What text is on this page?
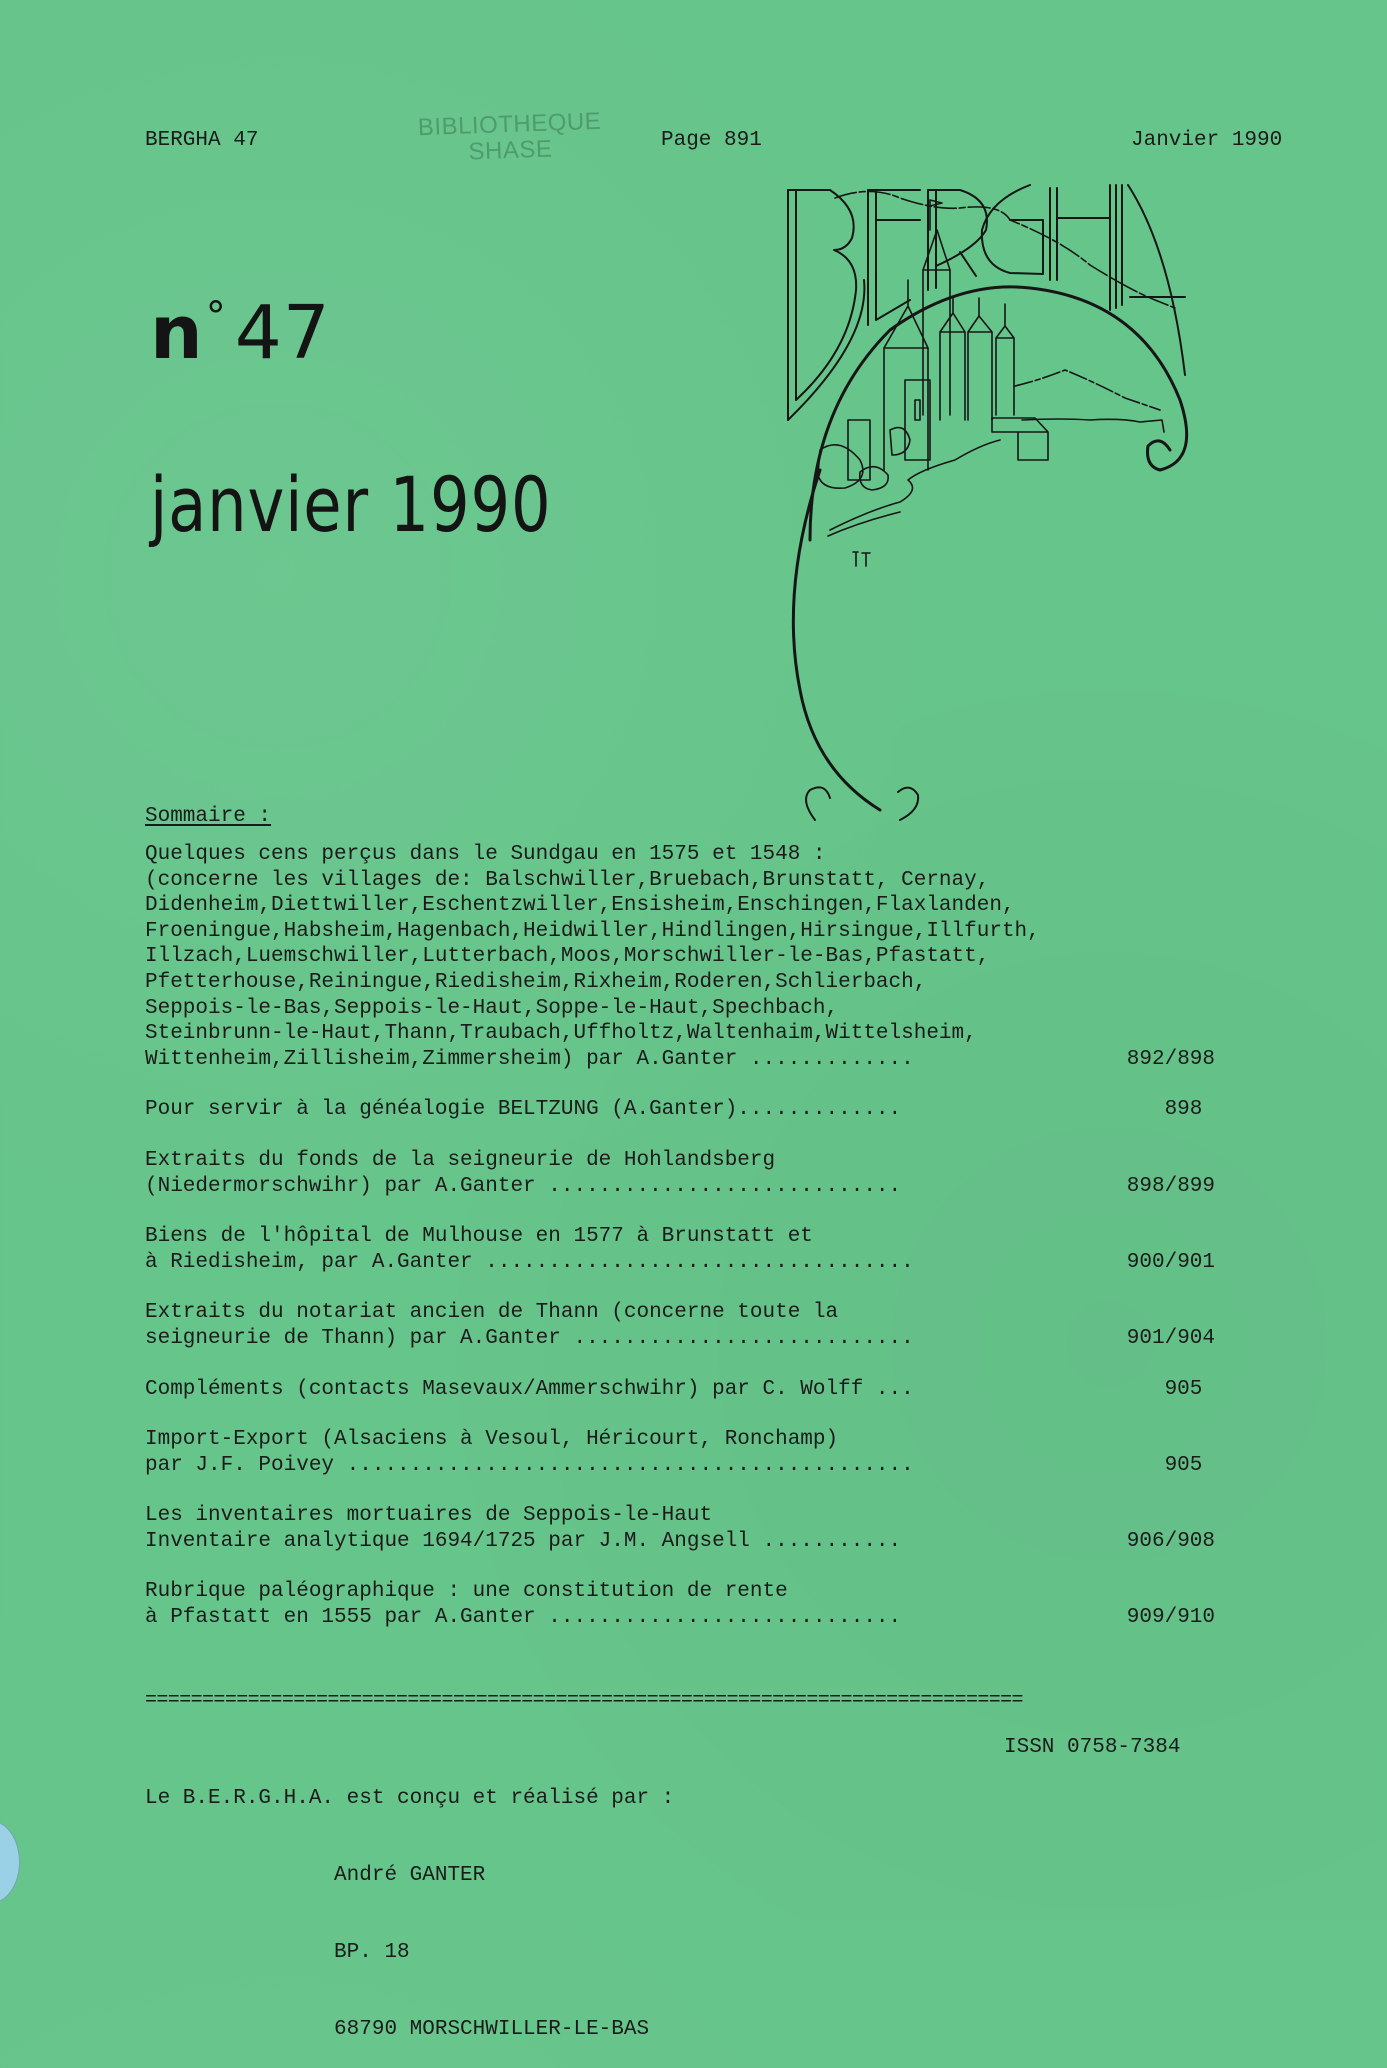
BERGHA 47	BIBLIOTHEQUE
SHASE	Page 891	Janvier 1990
n° 47
janvier 1990
Sommaire :
Quelques cens perçus dans le Sundgau en 1575 et 1548 :
(concerne les villages de: Balschwiller,Bruebach,Brunstatt, Cernay,
Didenheim,Diettwiller,Eschentzwiller,Ensisheim,Enschingen,Flaxlanden,
Froeningue,Habsheim,Hagenbach,Heidwiller,Hindlingen,Hirsingue,Illfurth,
Illzach,Luemschwiller,Lutterbach,Moos,Morschwiller-le-Bas,Pfastatt,
Pfetterhouse,Reiningue,Riedisheim,Rixheim,Roderen,Schlierbach,
Seppois-le-Bas,Seppois-le-Haut,Soppe-le-Haut,Spechbach,
Steinbrunn-le-Haut,Thann,Traubach,Uffholtz,Waltenhaim,Wittelsheim,
Wittenheim,Zillisheim,Zimmersheim) par A.Ganter .............	892/898
Pour servir à la généalogie BELTZUNG (A.Ganter).............	898
Extraits du fonds de la seigneurie de Hohlandsberg
(Niedermorschwihr) par A.Ganter ............................	898/899
Biens de l'hôpital de Mulhouse en 1577 à Brunstatt et
à Riedisheim, par A.Ganter ..................................	900/901
Extraits du notariat ancien de Thann (concerne toute la
seigneurie de Thann) par A.Ganter ...........................	901/904
Compléments (contacts Masevaux/Ammerschwihr) par C. Wolff ...	905
Import-Export (Alsaciens à Vesoul, Héricourt, Ronchamp)
par J.F. Poivey .............................................	905
Les inventaires mortuaires de Seppois-le-Haut
Inventaire analytique 1694/1725 par J.M. Angsell ...........	906/908
Rubrique paléographique : une constitution de rente
à Pfastatt en 1555 par A.Ganter ............................	909/910
=============================================================================

Le B.E.R.G.H.A. est conçu et réalisé par :

André GANTER

BP. 18

68790 MORSCHWILLER-LE-BAS

ISSN 0758-7384
